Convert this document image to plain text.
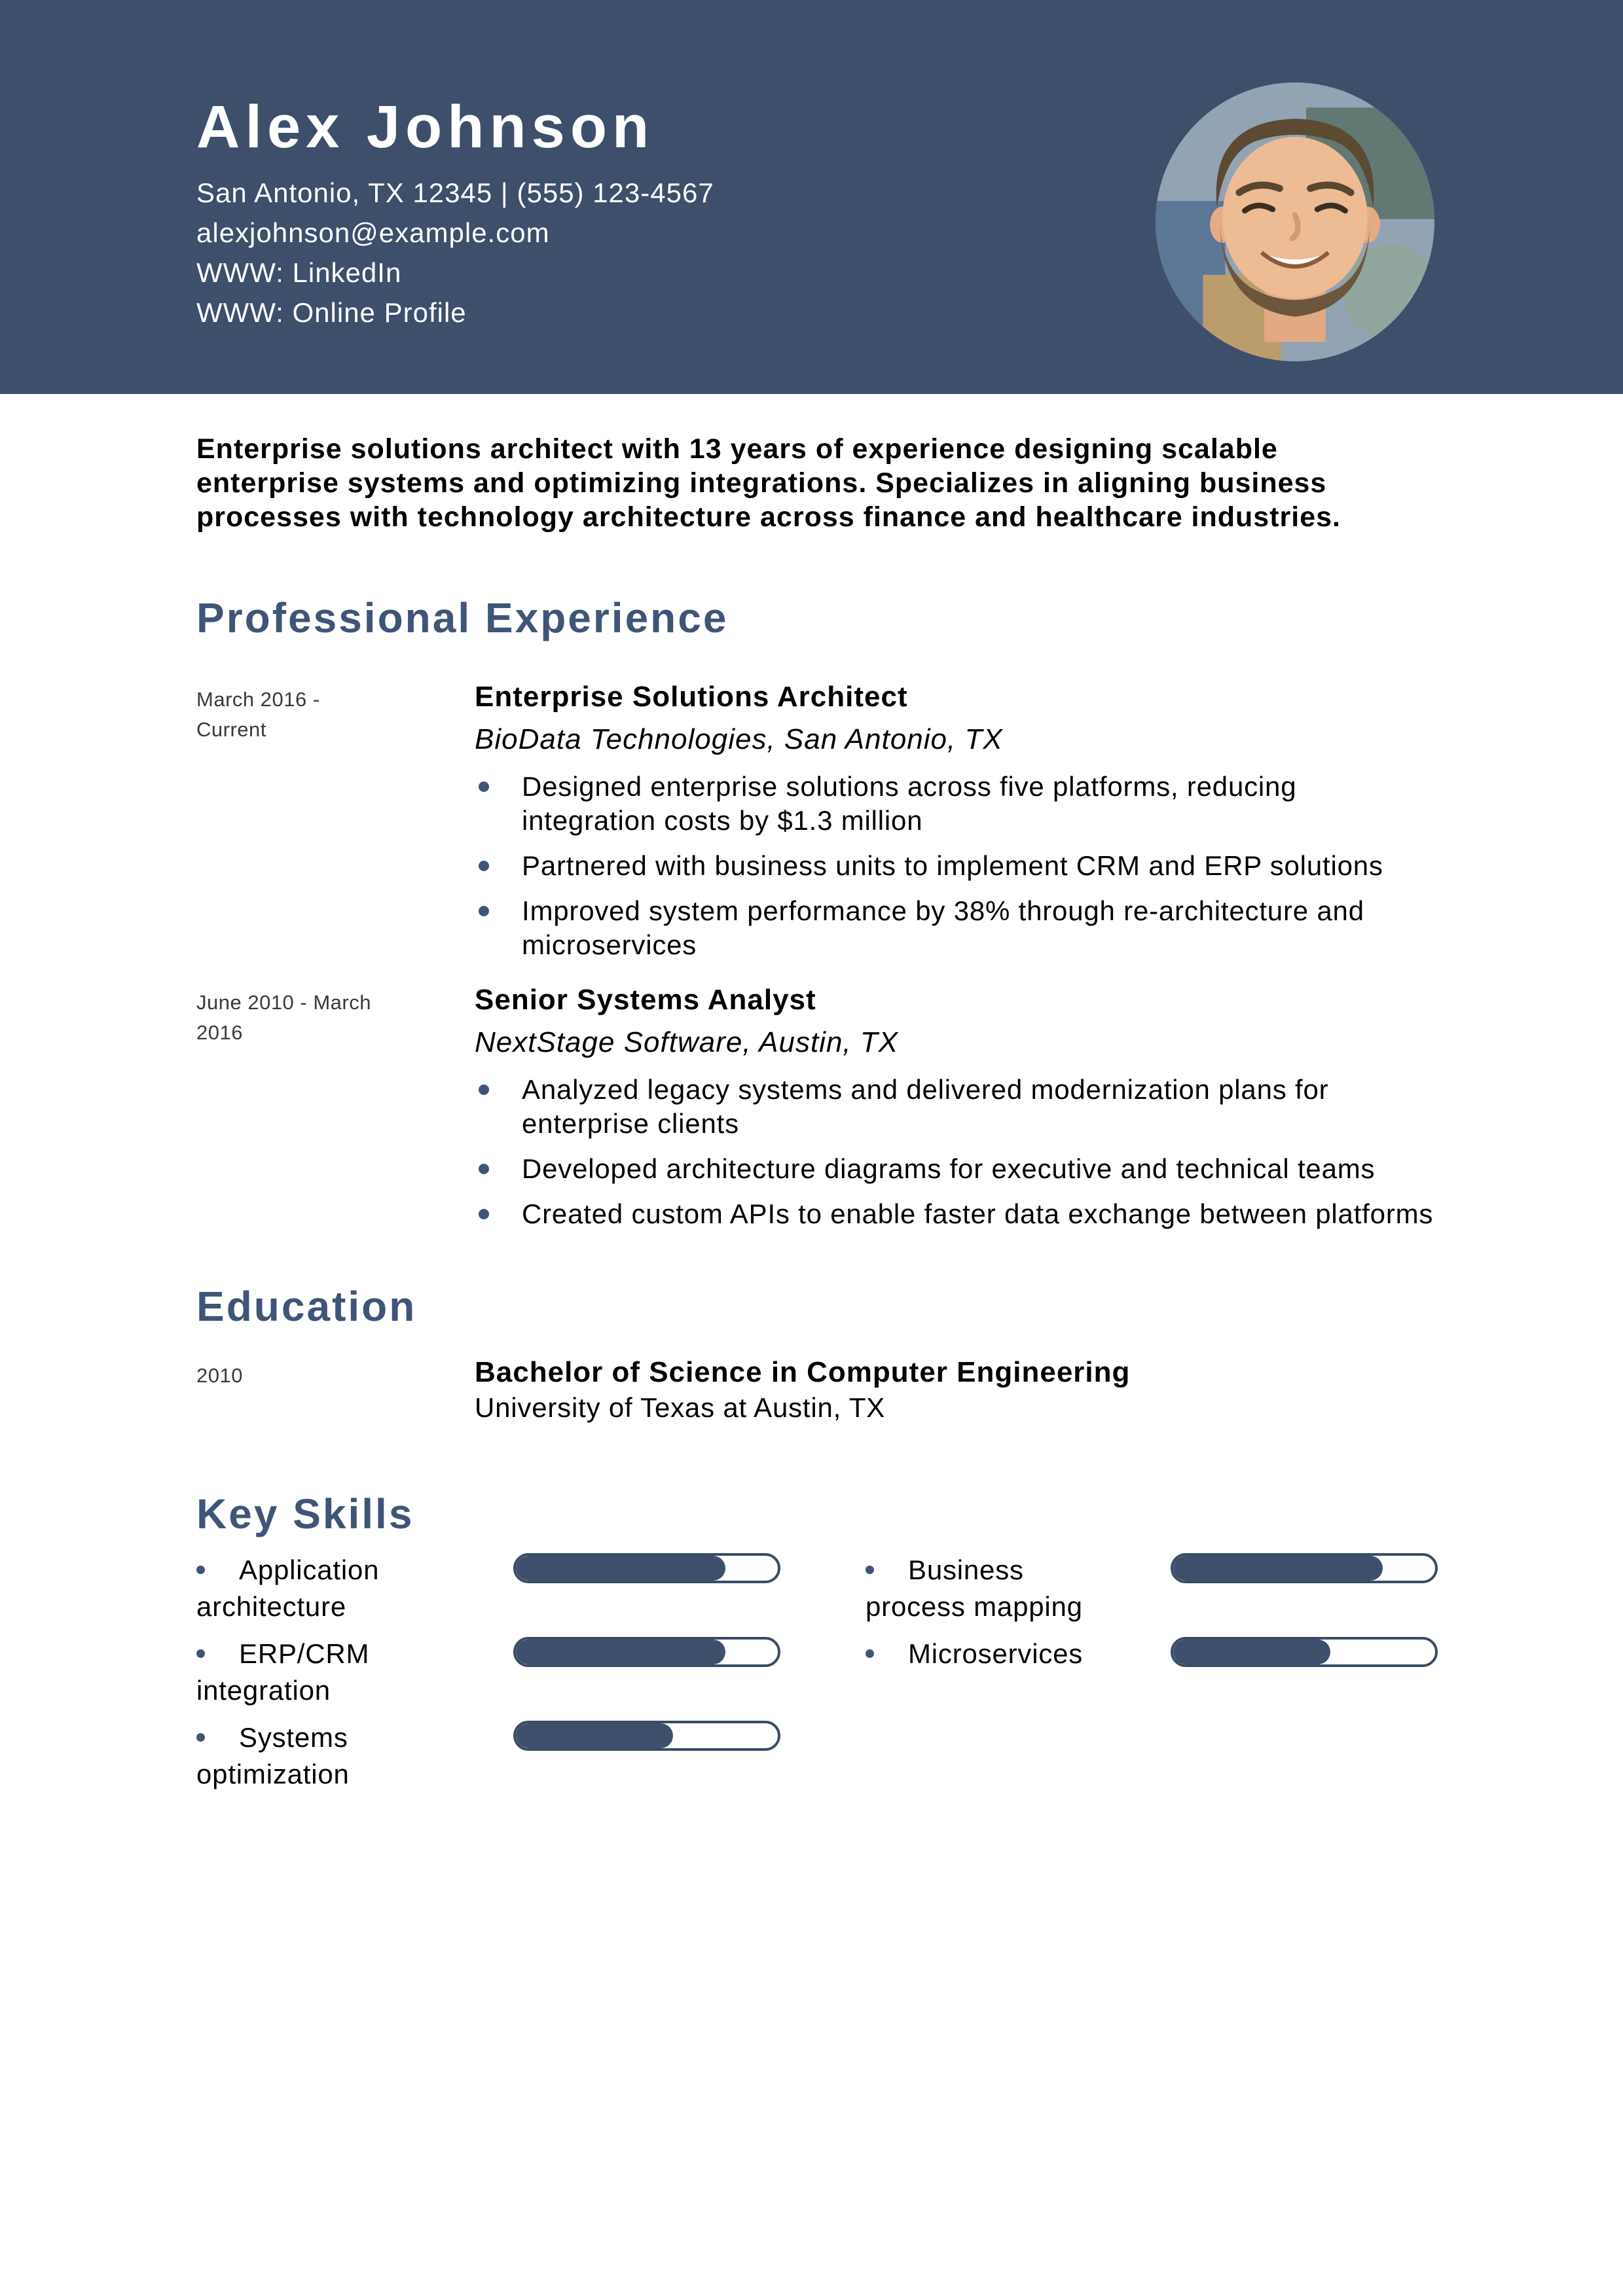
Alex Johnson
San Antonio, TX 12345 | (555) 123-4567
alexjohnson@example.com
WWW: LinkedIn
WWW: Online Profile

Enterprise solutions architect with 13 years of experience designing scalable enterprise systems and optimizing integrations. Specializes in aligning business processes with technology architecture across finance and healthcare industries.

Professional Experience
March 2016 - Current
Enterprise Solutions Architect
BioData Technologies, San Antonio, TX
Designed enterprise solutions across five platforms, reducing integration costs by $1.3 million
Partnered with business units to implement CRM and ERP solutions
Improved system performance by 38% through re-architecture and microservices
June 2010 - March 2016
Senior Systems Analyst
NextStage Software, Austin, TX
Analyzed legacy systems and delivered modernization plans for enterprise clients
Developed architecture diagrams for executive and technical teams
Created custom APIs to enable faster data exchange between platforms
Education
2010	Bachelor of Science in Computer Engineering
University of Texas at Austin, TX
Key Skills
Application architecture
Business process mapping
ERP/CRM integration
Microservices
Systems optimization
